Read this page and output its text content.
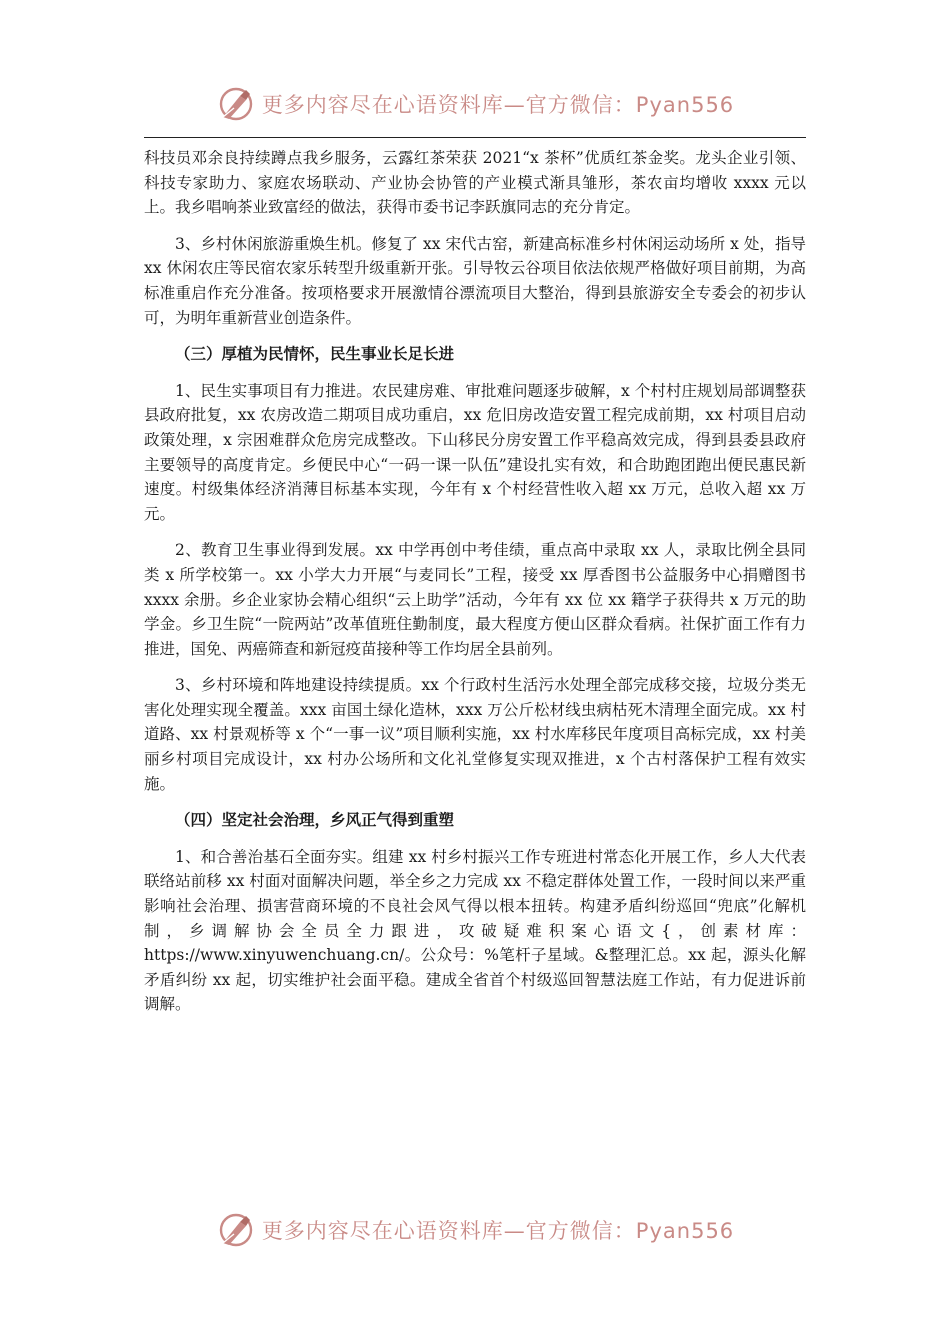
更多内容尽在心语资料库—官方微信：Pyan556

科技员邓余良持续蹲点我乡服务，云露红茶荣获 2021“x 茶杯”优质红茶金奖。龙头企业引领、科技专家助力、家庭农场联动、产业协会协管的产业模式渐具雏形，茶农亩均增收 xxxx 元以上。我乡唱响茶业致富经的做法，获得市委书记李跃旗同志的充分肯定。

3、乡村休闲旅游重焕生机。修复了 xx 宋代古窑，新建高标准乡村休闲运动场所 x 处，指导 xx 休闲农庄等民宿农家乐转型升级重新开张。引导牧云谷项目依法依规严格做好项目前期，为高标准重启作充分准备。按项格要求开展激情谷漂流项目大整治，得到县旅游安全专委会的初步认可，为明年重新营业创造条件。

（三）厚植为民情怀，民生事业长足长进

1、民生实事项目有力推进。农民建房难、审批难问题逐步破解，x 个村村庄规划局部调整获县政府批复，xx 农房改造二期项目成功重启，xx 危旧房改造安置工程完成前期，xx 村项目启动政策处理，x 宗困难群众危房完成整改。下山移民分房安置工作平稳高效完成，得到县委县政府主要领导的高度肯定。乡便民中心“一码一课一队伍”建设扎实有效，和合助跑团跑出便民惠民新速度。村级集体经济消薄目标基本实现，今年有 x 个村经营性收入超 xx 万元，总收入超 xx 万元。

2、教育卫生事业得到发展。xx 中学再创中考佳绩，重点高中录取 xx 人，录取比例全县同类 x 所学校第一。xx 小学大力开展“与麦同长”工程，接受 xx 厚香图书公益服务中心捐赠图书 xxxx 余册。乡企业家协会精心组织“云上助学”活动，今年有 xx 位 xx 籍学子获得共 x 万元的助学金。乡卫生院“一院两站”改革值班住勤制度，最大程度方便山区群众看病。社保扩面工作有力推进，国免、两癌筛查和新冠疫苗接种等工作均居全县前列。

3、乡村环境和阵地建设持续提质。xx 个行政村生活污水处理全部完成移交接，垃圾分类无害化处理实现全覆盖。xxx 亩国土绿化造林，xxx 万公斤松材线虫病枯死木清理全面完成。xx 村道路、xx 村景观桥等 x 个“一事一议”项目顺利实施，xx 村水库移民年度项目高标完成，xx 村美丽乡村项目完成设计，xx 村办公场所和文化礼堂修复实现双推进，x 个古村落保护工程有效实施。

（四）坚定社会治理，乡风正气得到重塑

1、和合善治基石全面夯实。组建 xx 村乡村振兴工作专班进村常态化开展工作，乡人大代表联络站前移 xx 村面对面解决问题，举全乡之力完成 xx 不稳定群体处置工作，一段时间以来严重影响社会治理、损害营商环境的不良社会风气得以根本扭转。构建矛盾纠纷巡回“兜底”化解机制，乡调解协会全员全力跟进，攻破疑难积案心语文{，创素材库：https://www.xinyuwenchuang.cn/。公众号：%笔杆子星域。&整理汇总。xx 起，源头化解矛盾纠纷 xx 起，切实维护社会面平稳。建成全省首个村级巡回智慧法庭工作站，有力促进诉前调解。

更多内容尽在心语资料库—官方微信：Pyan556
